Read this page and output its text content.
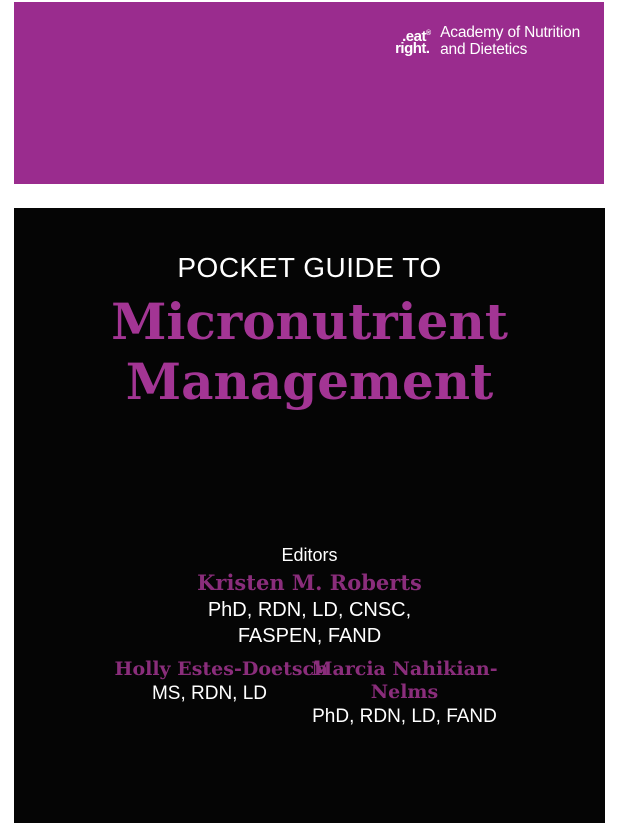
.eat®
right.
Academy of Nutrition
and Dietetics
POCKET GUIDE TO
Micronutrient
Management
Editors
Kristen M. Roberts
PhD, RDN, LD, CNSC,
FASPEN, FAND
Holly Estes-Doetsch
MS, RDN, LD
Marcia Nahikian-
Nelms
PhD, RDN, LD, FAND
